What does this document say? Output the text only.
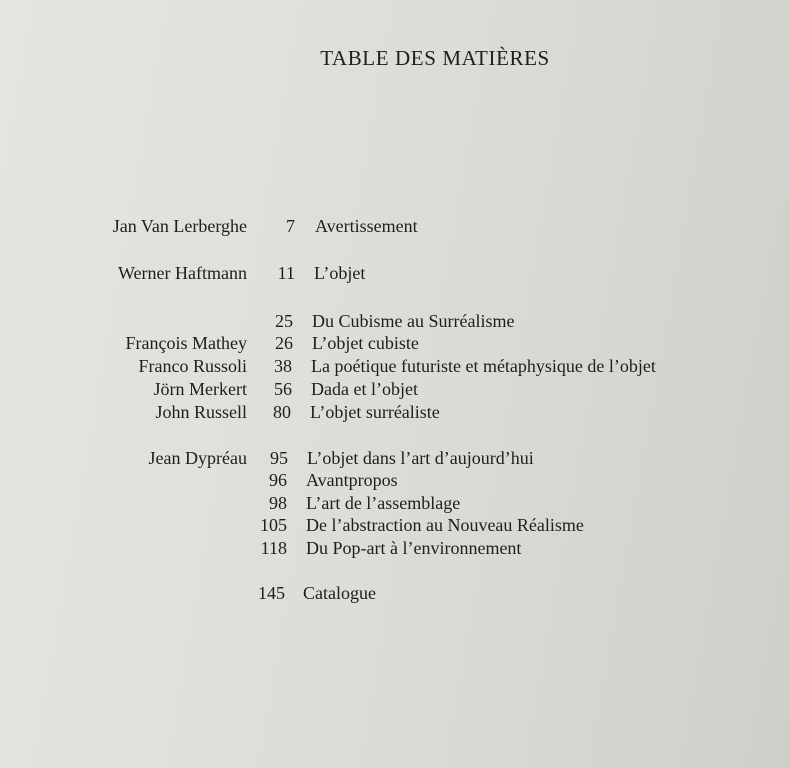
TABLE DES MATIÈRES
Jan Van Lerberghe 7 Avertissement
Werner Haftmann 11 L’objet
25 Du Cubisme au Surréalisme
François Mathey 26 L’objet cubiste
Franco Russoli 38 La poétique futuriste et métaphysique de l’objet
Jörn Merkert 56 Dada et l’objet
John Russell 80 L’objet surréaliste
Jean Dypréau 95 L’objet dans l’art d’aujourd’hui
96 Avantpropos
98 L’art de l’assemblage
105 De l’abstraction au Nouveau Réalisme
118 Du Pop-art à l’environnement
145 Catalogue
